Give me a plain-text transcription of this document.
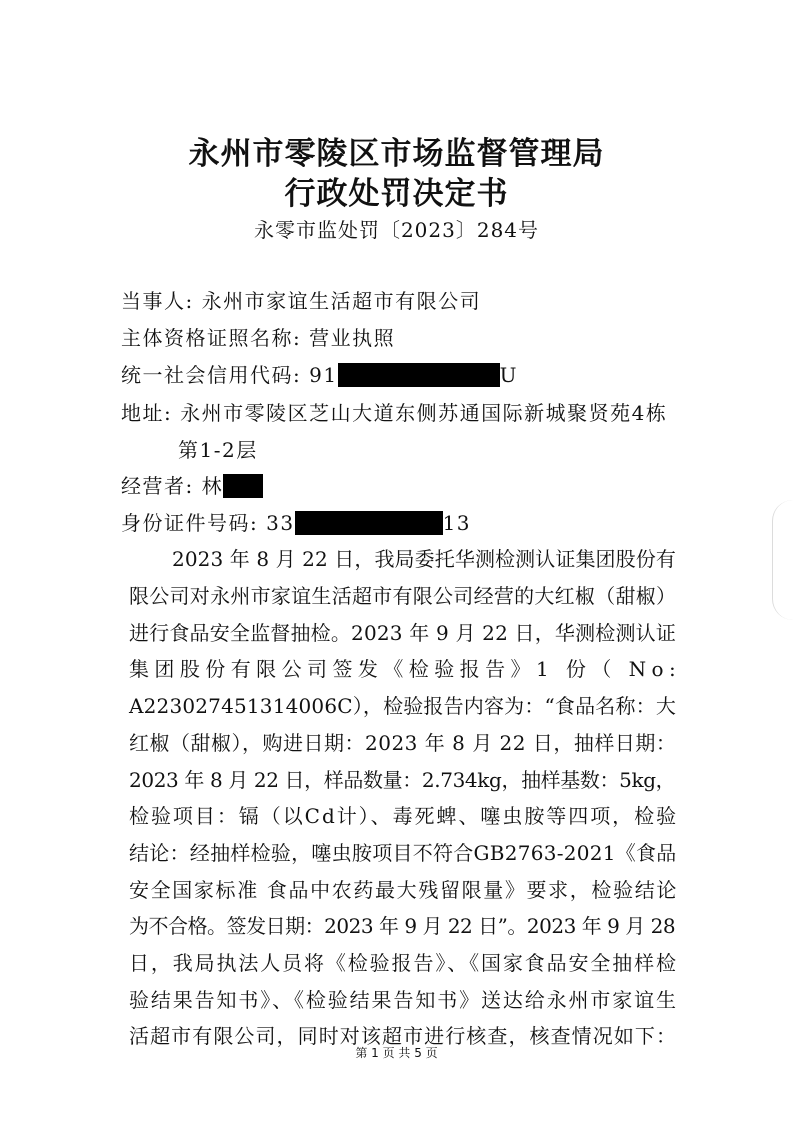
永州市零陵区市场监督管理局
行政处罚决定书
永零市监处罚〔2023〕284号
当事人: 永州市家谊生活超市有限公司
主体资格证照名称: 营业执照
统一社会信用代码: 91	U
地址: 永州市零陵区芝山大道东侧苏通国际新城聚贤苑4栋
第1-2层
经营者: 林
身份证件号码: 33	13
2023 年 8 月 22 日，我局委托华测检测认证集团股份有
限公司对永州市家谊生活超市有限公司经营的大红椒（甜椒）
进行食品安全监督抽检。2023 年 9 月 22 日，华测检测认证
集团股份有限公司签发《检验报告》1 份（ No:
A223027451314006C），检验报告内容为：“食品名称：大
红椒（甜椒），购进日期：2023 年 8 月 22 日，抽样日期：
2023 年 8 月 22 日，样品数量：2.734kg，抽样基数：5kg，
检验项目：镉（以Cd计）、毒死蜱、噻虫胺等四项，检验
结论：经抽样检验，噻虫胺项目不符合GB2763-2021《食品
安全国家标准 食品中农药最大残留限量》要求，检验结论
为不合格。签发日期：2023 年 9 月 22 日”。2023 年 9 月 28
日，我局执法人员将《检验报告》、《国家食品安全抽样检
验结果告知书》、《检验结果告知书》送达给永州市家谊生
活超市有限公司，同时对该超市进行核查，核查情况如下：
第 1 页 共 5 页
